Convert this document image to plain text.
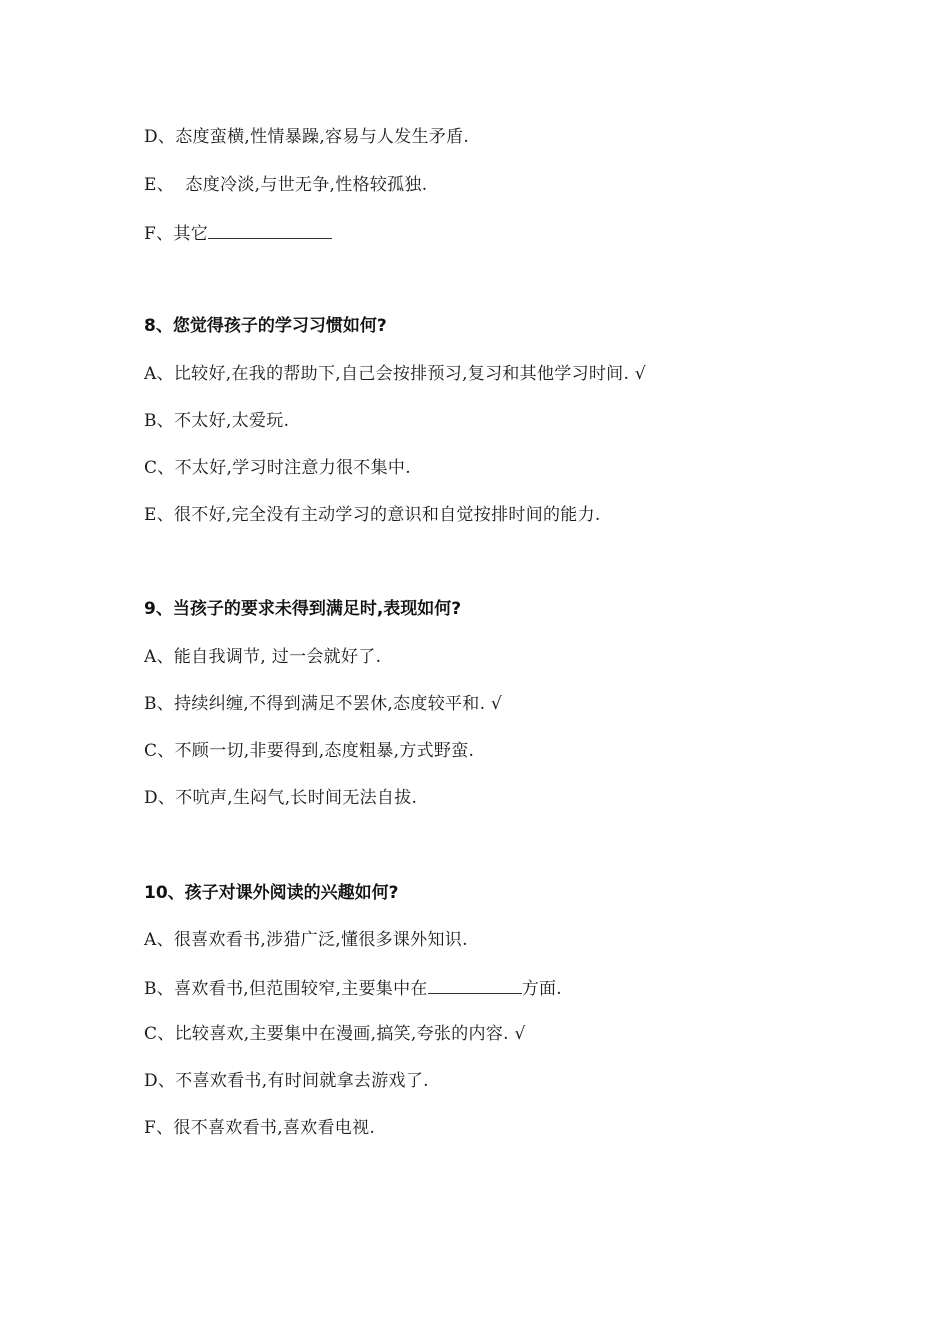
D、态度蛮横,性情暴躁,容易与人发生矛盾.
E、  态度冷淡,与世无争,性格较孤独.
F、其它
8、您觉得孩子的学习习惯如何?
A、比较好,在我的帮助下,自己会按排预习,复习和其他学习时间. √
B、不太好,太爱玩.
C、不太好,学习时注意力很不集中.
E、很不好,完全没有主动学习的意识和自觉按排时间的能力.
9、当孩子的要求未得到满足时,表现如何?
A、能自我调节, 过一会就好了.
B、持续纠缠,不得到满足不罢休,态度较平和. √
C、不顾一切,非要得到,态度粗暴,方式野蛮.
D、不吭声,生闷气,长时间无法自拔.
10、孩子对课外阅读的兴趣如何?
A、很喜欢看书,涉猎广泛,懂很多课外知识.
B、喜欢看书,但范围较窄,主要集中在	方面.
C、比较喜欢,主要集中在漫画,搞笑,夸张的内容. √
D、不喜欢看书,有时间就拿去游戏了.
F、很不喜欢看书,喜欢看电视.
